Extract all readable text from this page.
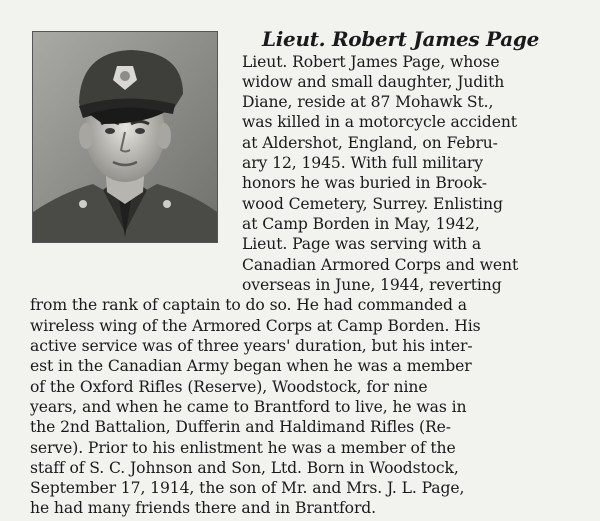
Lieut. Robert James Page
Lieut. Robert James Page, whose
widow and small daughter, Judith
Diane, reside at 87 Mohawk St.,
was killed in a motorcycle accident
at Aldershot, England, on Febru-
ary 12, 1945. With full military
honors he was buried in Brook-
wood Cemetery, Surrey. Enlisting
at Camp Borden in May, 1942,
Lieut. Page was serving with a
Canadian Armored Corps and went
overseas in June, 1944, reverting
from the rank of captain to do so. He had commanded a
wireless wing of the Armored Corps at Camp Borden. His
active service was of three years' duration, but his inter-
est in the Canadian Army began when he was a member
of the Oxford Rifles (Reserve), Woodstock, for nine
years, and when he came to Brantford to live, he was in
the 2nd Battalion, Dufferin and Haldimand Rifles (Re-
serve). Prior to his enlistment he was a member of the
staff of S. C. Johnson and Son, Ltd. Born in Woodstock,
September 17, 1914, the son of Mr. and Mrs. J. L. Page,
he had many friends there and in Brantford.
